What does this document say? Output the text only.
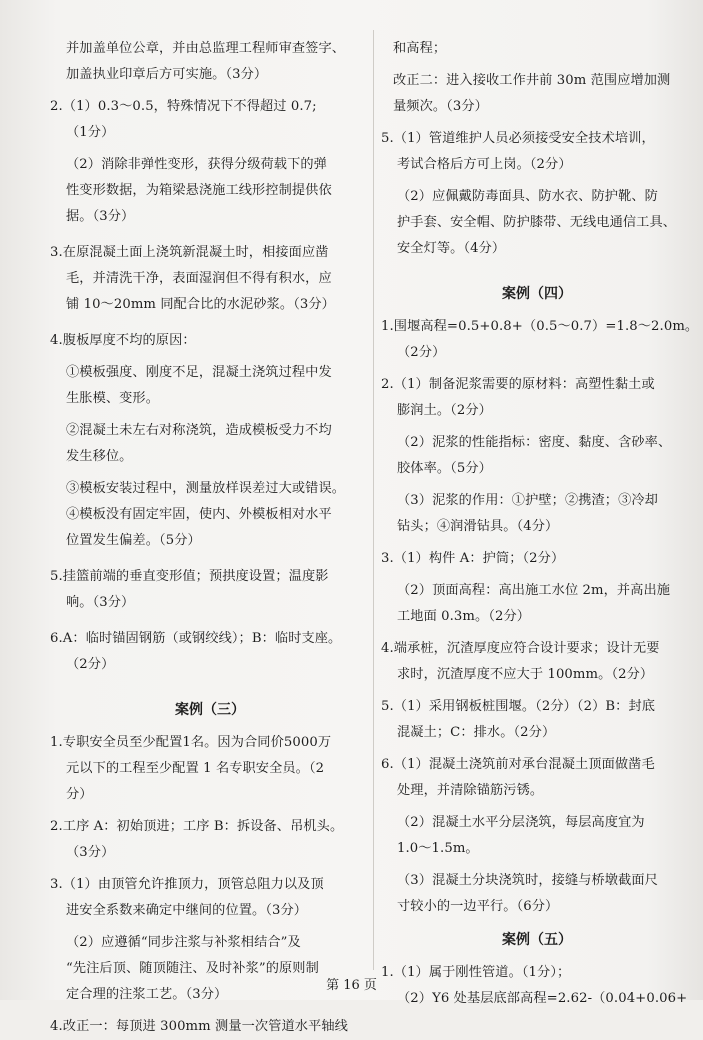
并加盖单位公章，并由总监理工程师审查签字、
加盖执业印章后方可实施。（3分）
2.（1）0.3～0.5，特殊情况下不得超过 0.7;
（1分）
（2）消除非弹性变形，获得分级荷载下的弹
性变形数据，为箱梁悬浇施工线形控制提供依
据。（3分）
3.在原混凝土面上浇筑新混凝土时，相接面应凿
毛，并清洗干净，表面湿润但不得有积水，应
铺 10～20mm 同配合比的水泥砂浆。（3分）
4.腹板厚度不均的原因：
①模板强度、刚度不足，混凝土浇筑过程中发
生胀模、变形。
②混凝土未左右对称浇筑，造成模板受力不均
发生移位。
③模板安装过程中，测量放样误差过大或错误。
④模板没有固定牢固，使内、外模板相对水平
位置发生偏差。（5分）
5.挂篮前端的垂直变形值；预拱度设置；温度影
响。（3分）
6.A：临时锚固钢筋（或钢绞线）；B：临时支座。
（2分）
案例（三）
1.专职安全员至少配置1名。因为合同价5000万
元以下的工程至少配置 1 名专职安全员。（2
分）
2.工序 A：初始顶进；工序 B：拆设备、吊机头。
（3分）
3.（1）由顶管允许推顶力，顶管总阻力以及顶
进安全系数来确定中继间的位置。（3分）
（2）应遵循“同步注浆与补浆相结合”及
“先注后顶、随顶随注、及时补浆”的原则制
定合理的注浆工艺。（3分）
4.改正一：每顶进 300mm 测量一次管道水平轴线
和高程；
改正二：进入接收工作井前 30m 范围应增加测
量频次。（3分）
5.（1）管道维护人员必须接受安全技术培训，
考试合格后方可上岗。（2分）
（2）应佩戴防毒面具、防水衣、防护靴、防
护手套、安全帽、防护膝带、无线电通信工具、
安全灯等。（4分）
案例（四）
1.围堰高程=0.5+0.8+（0.5～0.7）=1.8～2.0m。
（2分）
2.（1）制备泥浆需要的原材料：高塑性黏土或
膨润土。（2分）
（2）泥浆的性能指标：密度、黏度、含砂率、
胶体率。（5分）
（3）泥浆的作用：①护壁；②携渣；③冷却
钻头；④润滑钻具。（4分）
3.（1）构件 A：护筒；（2分）
（2）顶面高程：高出施工水位 2m，并高出施
工地面 0.3m。（2分）
4.端承桩，沉渣厚度应符合设计要求；设计无要
求时，沉渣厚度不应大于 100mm。（2分）
5.（1）采用钢板桩围堰。（2分）（2）B：封底
混凝土；C：排水。（2分）
6.（1）混凝土浇筑前对承台混凝土顶面做凿毛
处理，并清除锚筋污锈。
（2）混凝土水平分层浇筑，每层高度宜为
1.0～1.5m。
（3）混凝土分块浇筑时，接缝与桥墩截面尺
寸较小的一边平行。（6分）
案例（五）
1.（1）属于刚性管道。（1分）；
（2）Y6 处基层底部高程=2.62-（0.04+0.06+
第 16 页
